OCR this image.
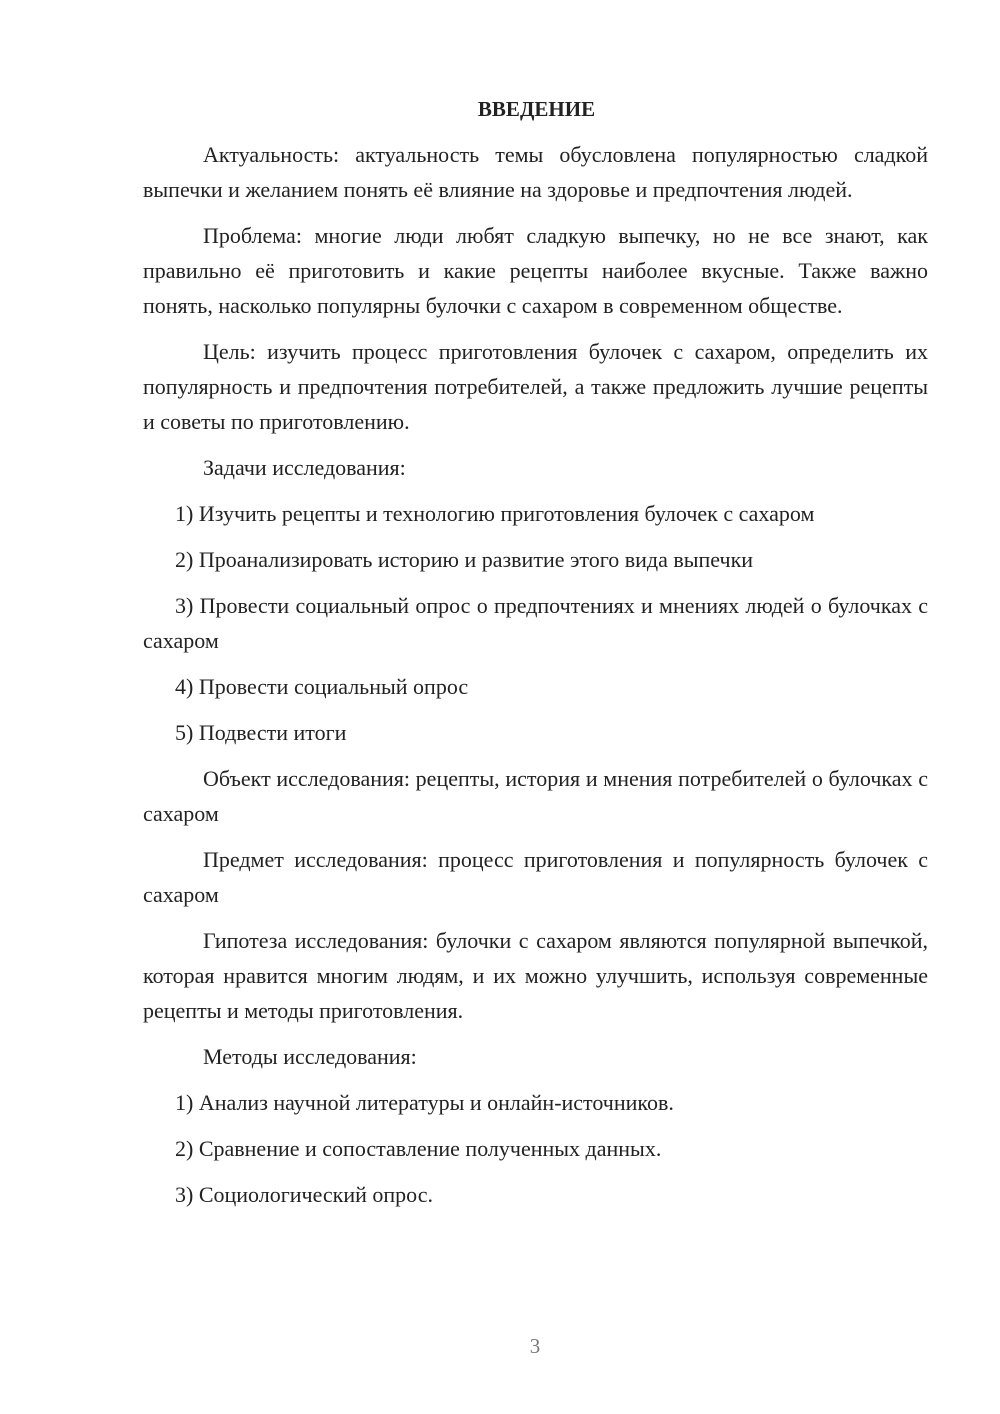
ВВЕДЕНИЕ

Актуальность: актуальность темы обусловлена популярностью сладкой выпечки и желанием понять её влияние на здоровье и предпочтения людей.

Проблема: многие люди любят сладкую выпечку, но не все знают, как правильно её приготовить и какие рецепты наиболее вкусные. Также важно понять, насколько популярны булочки с сахаром в современном обществе.

Цель: изучить процесс приготовления булочек с сахаром, определить их популярность и предпочтения потребителей, а также предложить лучшие рецепты и советы по приготовлению.

Задачи исследования:

1) Изучить рецепты и технологию приготовления булочек с сахаром

2) Проанализировать историю и развитие этого вида выпечки

3) Провести социальный опрос о предпочтениях и мнениях людей о булочках с сахаром

4) Провести социальный опрос

5) Подвести итоги

Объект исследования: рецепты, история и мнения потребителей о булочках с сахаром

Предмет исследования: процесс приготовления и популярность булочек с сахаром

Гипотеза исследования: булочки с сахаром являются популярной выпечкой, которая нравится многим людям, и их можно улучшить, используя современные рецепты и методы приготовления.

Методы исследования:

1) Анализ научной литературы и онлайн-источников.

2) Сравнение и сопоставление полученных данных.

3) Социологический опрос.

3
